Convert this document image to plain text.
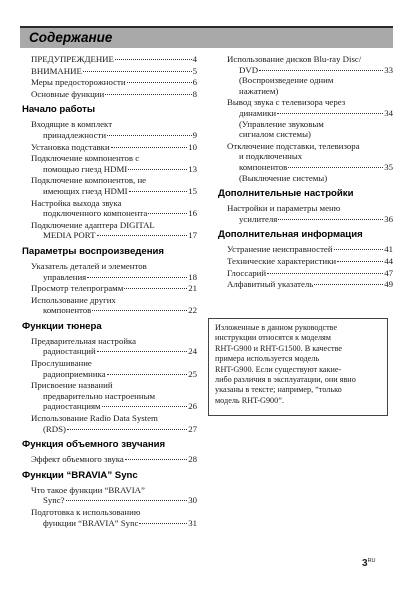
Содержание
ПРЕДУПРЕЖДЕНИЕ	4
ВНИМАНИЕ	5
Меры предосторожности	6
Основные функции	8
Начало работы
Входящие в комплект
принадлежности	9
Установка подставки	10
Подключение компонентов с
помощью гнезд HDMI	13
Подключение компонентов, не
имеющих гнезд HDMI	15
Настройка выхода звука
подключенного компонента	16
Подключение адаптера DIGITAL
MEDIA PORT	17
Параметры воспроизведения
Указатель деталей и элементов
управления	18
Просмотр телепрограмм	21
Использование других
компонентов	22
Функции тюнера
Предварительная настройка
радиостанций	24
Прослушивание
радиоприемника	25
Присвоение названий
предварительно настроенным
радиостанциям	26
Использование Radio Data System
(RDS)	27
Функция объемного звучания
Эффект объемного звука	28
Функции “BRAVIA” Sync
Что такое функции “BRAVIA”
Sync?	30
Подготовка к использованию
функции “BRAVIA” Sync	31
Использование дисков Blu-ray Disc/
DVD	33
(Воспроизведение одним
нажатием)
Вывод звука с телевизора через
динамики	34
(Управление звуковым
сигналом системы)
Отключение подставки, телевизора
и подключенных
компонентов	35
(Выключение системы)
Дополнительные настройки
Настройки и параметры меню
усилителя	36
Дополнительная информация
Устранение неисправностей	41
Технические характеристики	44
Глоссарий	47
Алфавитный указатель	49
Изложенные в данном руководстве
инструкции относятся к моделям
RHT-G900 и RHT-G1500. В качестве
примера используется модель
RHT-G900. Если существуют какие-
либо различия в эксплуатации, они явно
указаны в тексте; например, “только
модель RHT-G900”.
$3^{RU}$
